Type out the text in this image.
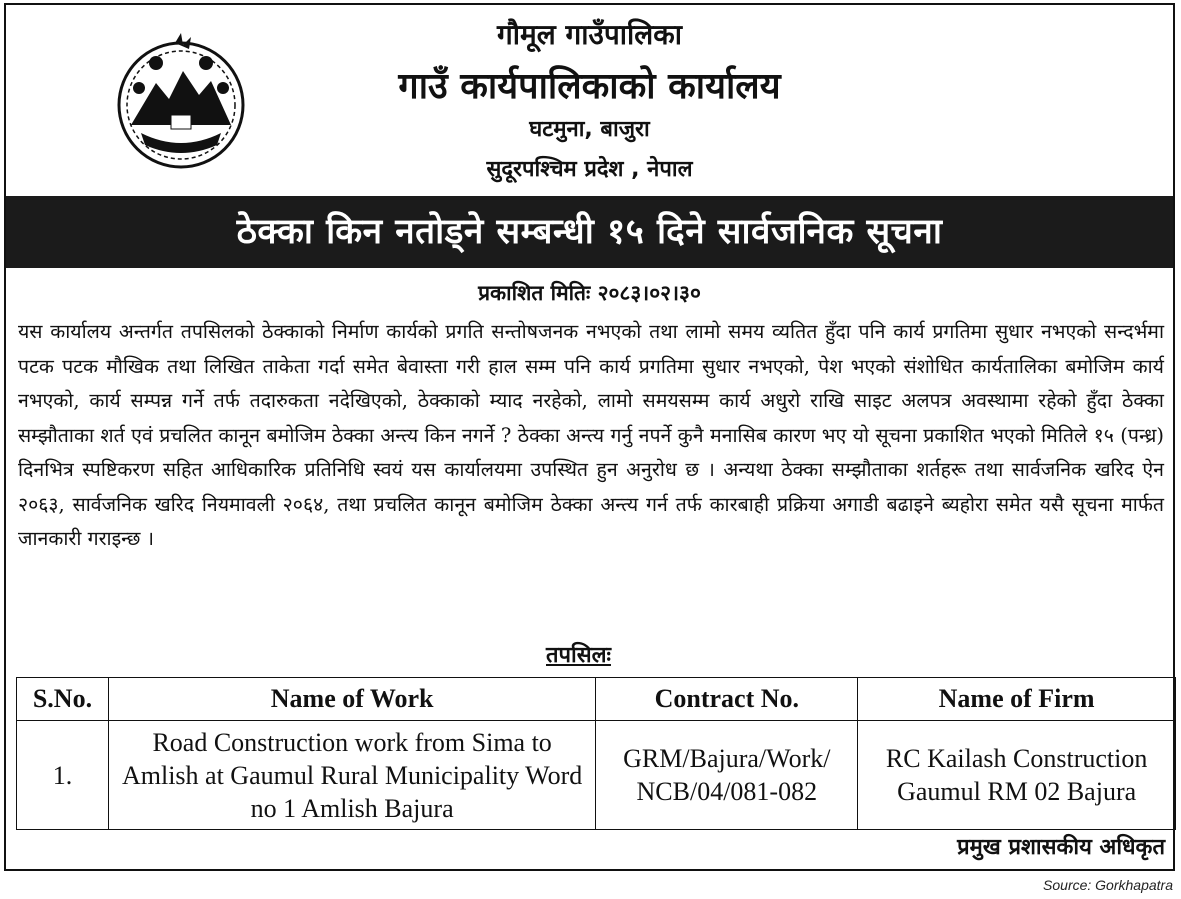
गौमूल गाउँपालिका
गाउँ कार्यपालिकाको कार्यालय
घटमुना, बाजुरा
सुदूरपश्चिम प्रदेश , नेपाल
ठेक्का किन नतोड्ने सम्बन्धी १५ दिने सार्वजनिक सूचना
प्रकाशित मितिः २०८३।०२।३०

यस कार्यालय अन्तर्गत तपसिलको ठेक्काको निर्माण कार्यको प्रगति सन्तोषजनक नभएको तथा लामो समय व्यतित हुँदा पनि कार्य प्रगतिमा सुधार नभएको सन्दर्भमा पटक पटक मौखिक तथा लिखित ताकेता गर्दा समेत बेवास्ता गरी हाल सम्म पनि कार्य प्रगतिमा सुधार नभएको, पेश भएको संशोधित कार्यतालिका बमोजिम कार्य नभएको, कार्य सम्पन्न गर्ने तर्फ तदारुकता नदेखिएको, ठेक्काको म्याद नरहेको, लामो समयसम्म कार्य अधुरो राखि साइट अलपत्र अवस्थामा रहेको हुँदा ठेक्का सम्झौताका शर्त एवं प्रचलित कानून बमोजिम ठेक्का अन्त्य किन नगर्ने ? ठेक्का अन्त्य गर्नु नपर्ने कुनै मनासिब कारण भए यो सूचना प्रकाशित भएको मितिले १५ (पन्ध्र) दिनभित्र स्पष्टिकरण सहित आधिकारिक प्रतिनिधि स्वयं यस कार्यालयमा उपस्थित हुन अनुरोध छ । अन्यथा ठेक्का सम्झौताका शर्तहरू तथा सार्वजनिक खरिद ऐन २०६३, सार्वजनिक खरिद नियमावली २०६४, तथा प्रचलित कानून बमोजिम ठेक्का अन्त्य गर्न तर्फ कारबाही प्रक्रिया अगाडी बढाइने ब्यहोरा समेत यसै सूचना मार्फत जानकारी गराइन्छ ।

तपसिलः
S.No.	Name of Work	Contract No.	Name of Firm
1.	Road Construction work from Sima to Amlish at Gaumul Rural Municipality Word no 1 Amlish Bajura	GRM/Bajura/Work/ NCB/04/081-082	RC Kailash Construction Gaumul RM 02 Bajura
प्रमुख प्रशासकीय अधिकृत
Source: Gorkhapatra
